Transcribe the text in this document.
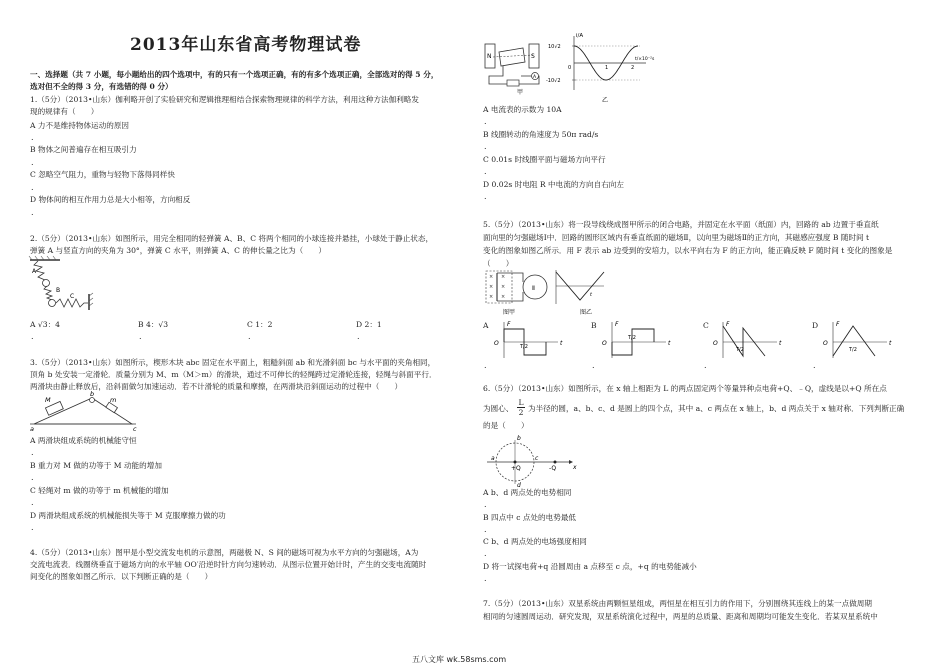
2013年山东省高考物理试卷
一、选择题（共 7 小题，每小题给出的四个选项中，有的只有一个选项正确，有的有多个选项正确，全部选对的得 5 分，
选对但不全的得 3 分，有选错的得 0 分）
1.（5分）（2013•山东）伽利略开创了实验研究和逻辑推理相结合探索物理规律的科学方法，利用这种方法伽利略发
现的规律有（　　）
A 力不是维持物体运动的原因
.
B 物体之间普遍存在相互吸引力
.
C 忽略空气阻力，重物与轻物下落得同样快
.
D 物体间的相互作用力总是大小相等，方向相反
.
2.（5分）（2013•山东）如图所示，用完全相同的轻弹簧 A、B、C 将两个相同的小球连接并悬挂，小球处于静止状态，
弹簧 A 与竖直方向的夹角为 30°，弹簧 C 水平，则弹簧 A、C 的伸长量之比为（　　）
A
B
C
A √3：4	B 4：√3	C 1：2	D 2：1
.	.	.	.
3.（5分）（2013•山东）如图所示，楔形木块 abc 固定在水平面上，粗糙斜面 ab 和光滑斜面 bc 与水平面的夹角相同，
顶角 b 处安装一定滑轮．质量分别为 M、m（M＞m）的滑块，通过不可伸长的轻绳跨过定滑轮连接，轻绳与斜面平行．
两滑块由静止释放后，沿斜面做匀加速运动．若不计滑轮的质量和摩擦，在两滑块沿斜面运动的过程中（　　）
M	m
a
b
c
A 两滑块组成系统的机械能守恒
.
B 重力对 M 做的功等于 M 动能的增加
.
C 轻绳对 m 做的功等于 m 机械能的增加
.
D 两滑块组成系统的机械能损失等于 M 克服摩擦力做的功
.
4.（5分）（2013•山东）图甲是小型交流发电机的示意图，两磁极 N、S 间的磁场可视为水平方向的匀强磁场，A为
交流电流表．线圈绕垂直于磁场方向的水平轴 OO′沿逆时针方向匀速转动．从图示位置开始计时，产生的交变电流随时
间变化的图象如图乙所示．以下判断正确的是（　　）
N	S
A
甲
i/A
10√2
-10√2
0	1	2
t/×10⁻²s
乙
A 电流表的示数为 10A
.
B 线圈转动的角速度为 50π rad/s
.
C 0.01s 时线圈平面与磁场方向平行
.
D 0.02s 时电阻 R 中电流的方向自右向左
.
5.（5分）（2013•山东）将一段导线绕成图甲所示的闭合电路，并固定在水平面（纸面）内，回路的 ab 边置于垂直纸
面向里的匀强磁场Ⅰ中．回路的圆形区域内有垂直纸面的磁场Ⅱ，以向里为磁场Ⅱ的正方向，其磁感应强度 B 随时间 t
变化的图象如图乙所示．用 F 表示 ab 边受到的安培力，以水平向右为 F 的正方向，能正确反映 F 随时间 t 变化的图象是
（　　）
× ×
× ×
× ×
Ⅱ
图甲
t
图乙
A	B	C	D
F
O	T/2	t
F
O
T/2
t
F
O
T/2
t
F
O
T/2
t
.	.	.	.
6.（5分）（2013•山东）如图所示，在 x 轴上相距为 L 的两点固定两个等量异种点电荷+Q、﹣Q，虚线是以+Q 所在点
为圆心、 $\frac{L}{2}$ 为半径的圆，a、b、c、d 是圆上的四个点，其中 a、c 两点在 x 轴上，b、d 两点关于 x 轴对称．下列判断正确
的是（　　）
a
b
c
d
+Q	-Q	x
A b、d 两点处的电势相同
.
B 四点中 c 点处的电势最低
.
C b、d 两点处的电场强度相同
.
D 将一试探电荷+q 沿圆周由 a 点移至 c 点，+q 的电势能减小
.
7.（5分）（2013•山东）双星系统由两颗恒星组成，两恒星在相互引力的作用下，分别围绕其连线上的某一点做周期
相同的匀速圆周运动．研究发现，双星系统演化过程中，两星的总质量、距离和周期均可能发生变化．若某双星系统中
五八文库 wk.58sms.com
